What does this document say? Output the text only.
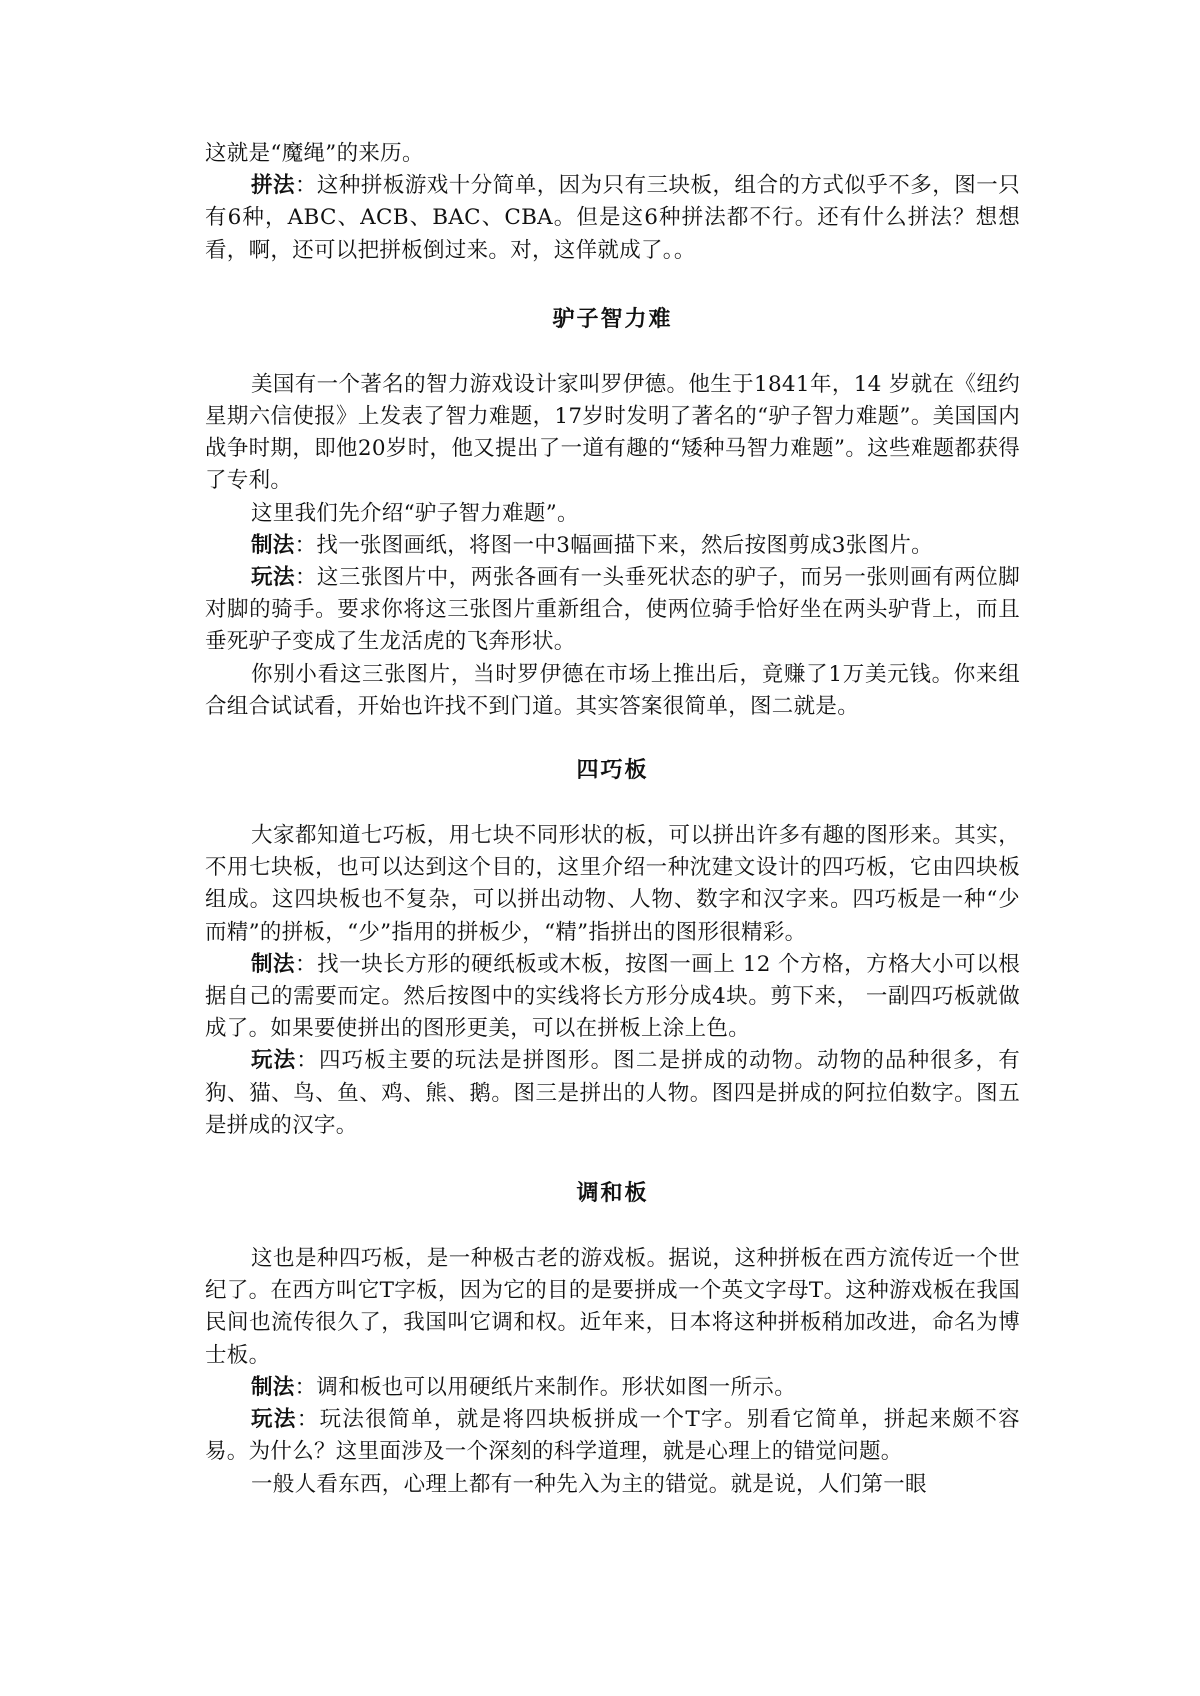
这就是“魔绳”的来历。

拼法：这种拼板游戏十分简单，因为只有三块板，组合的方式似乎不多，图一只有6种，ABC、ACB、BAC、CBA。但是这6种拼法都不行。还有什么拼法？想想看，啊，还可以把拼板倒过来。对，这佯就成了。。

驴子智力难

美国有一个著名的智力游戏设计家叫罗伊德。他生于1841年，14 岁就在《纽约星期六信使报》上发表了智力难题，17岁时发明了著名的“驴子智力难题”。美国国内战争时期，即他20岁时，他又提出了一道有趣的“矮种马智力难题”。这些难题都获得了专利。

这里我们先介绍“驴子智力难题”。

制法：找一张图画纸，将图一中3幅画描下来，然后按图剪成3张图片。

玩法：这三张图片中，两张各画有一头垂死状态的驴子，而另一张则画有两位脚对脚的骑手。要求你将这三张图片重新组合，使两位骑手恰好坐在两头驴背上，而且垂死驴子变成了生龙活虎的飞奔形状。

你别小看这三张图片，当时罗伊德在市场上推出后，竟赚了1万美元钱。你来组合组合试试看，开始也许找不到门道。其实答案很简单，图二就是。

四巧板

大家都知道七巧板，用七块不同形状的板，可以拼出许多有趣的图形来。其实，不用七块板，也可以达到这个目的，这里介绍一种沈建文设计的四巧板，它由四块板组成。这四块板也不复杂，可以拼出动物、人物、数字和汉字来。四巧板是一种“少而精”的拼板，“少”指用的拼板少，“精”指拼出的图形很精彩。

制法：找一块长方形的硬纸板或木板，按图一画上 12 个方格，方格大小可以根据自己的需要而定。然后按图中的实线将长方形分成4块。剪下来， 一副四巧板就做成了。如果要使拼出的图形更美，可以在拼板上涂上色。

玩法：四巧板主要的玩法是拼图形。图二是拼成的动物。动物的品种很多，有狗、猫、鸟、鱼、鸡、熊、鹅。图三是拼出的人物。图四是拼成的阿拉伯数字。图五是拼成的汉字。

调和板

这也是种四巧板，是一种极古老的游戏板。据说，这种拼板在西方流传近一个世纪了。在西方叫它T字板，因为它的目的是要拼成一个英文字母T。这种游戏板在我国民间也流传很久了，我国叫它调和权。近年来，日本将这种拼板稍加改进，命名为博士板。

制法：调和板也可以用硬纸片来制作。形状如图一所示。

玩法：玩法很简单，就是将四块板拼成一个T字。别看它简单，拼起来颇不容易。为什么？这里面涉及一个深刻的科学道理，就是心理上的错觉问题。

一般人看东西，心理上都有一种先入为主的错觉。就是说，人们第一眼
